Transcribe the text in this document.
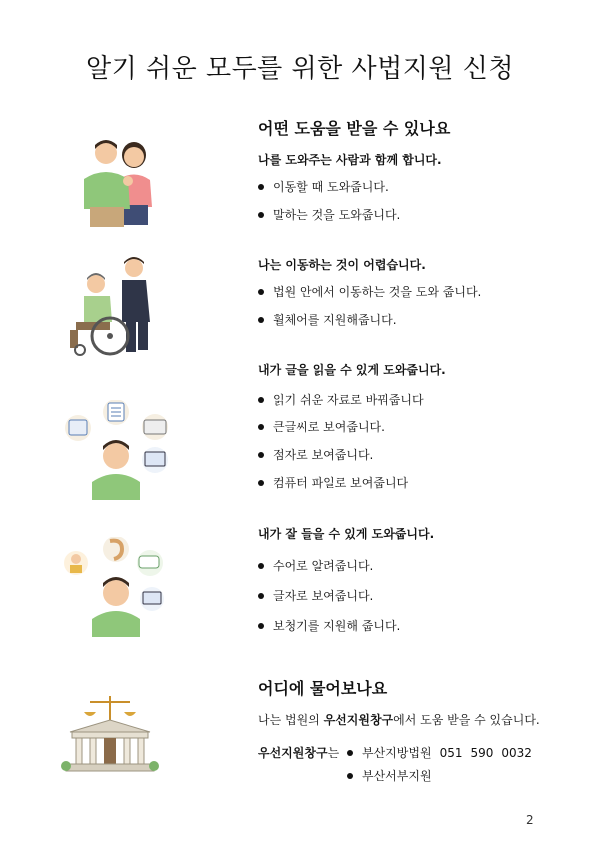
알기 쉬운 모두를 위한 사법지원 신청
어떤 도움을 받을 수 있나요
나를 도와주는 사람과 함께 합니다.
이동할 때 도와줍니다.
말하는 것을 도와줍니다.
나는 이동하는 것이 어렵습니다.
법원 안에서 이동하는 것을 도와 줍니다.
휠체어를 지원해줍니다.
내가 글을 읽을 수 있게 도와줍니다.
읽기 쉬운 자료로 바꿔줍니다
큰글씨로 보여줍니다.
점자로 보여줍니다.
컴퓨터 파일로 보여줍니다
내가 잘 들을 수 있게 도와줍니다.
수어로 알려줍니다.
글자로 보여줍니다.
보청기를 지원해 줍니다.
어디에 물어보나요
나는 법원의 우선지원창구에서 도움 받을 수 있습니다.
우선지원창구는 부산지방법원 051 590 0032
부산서부지원
2
